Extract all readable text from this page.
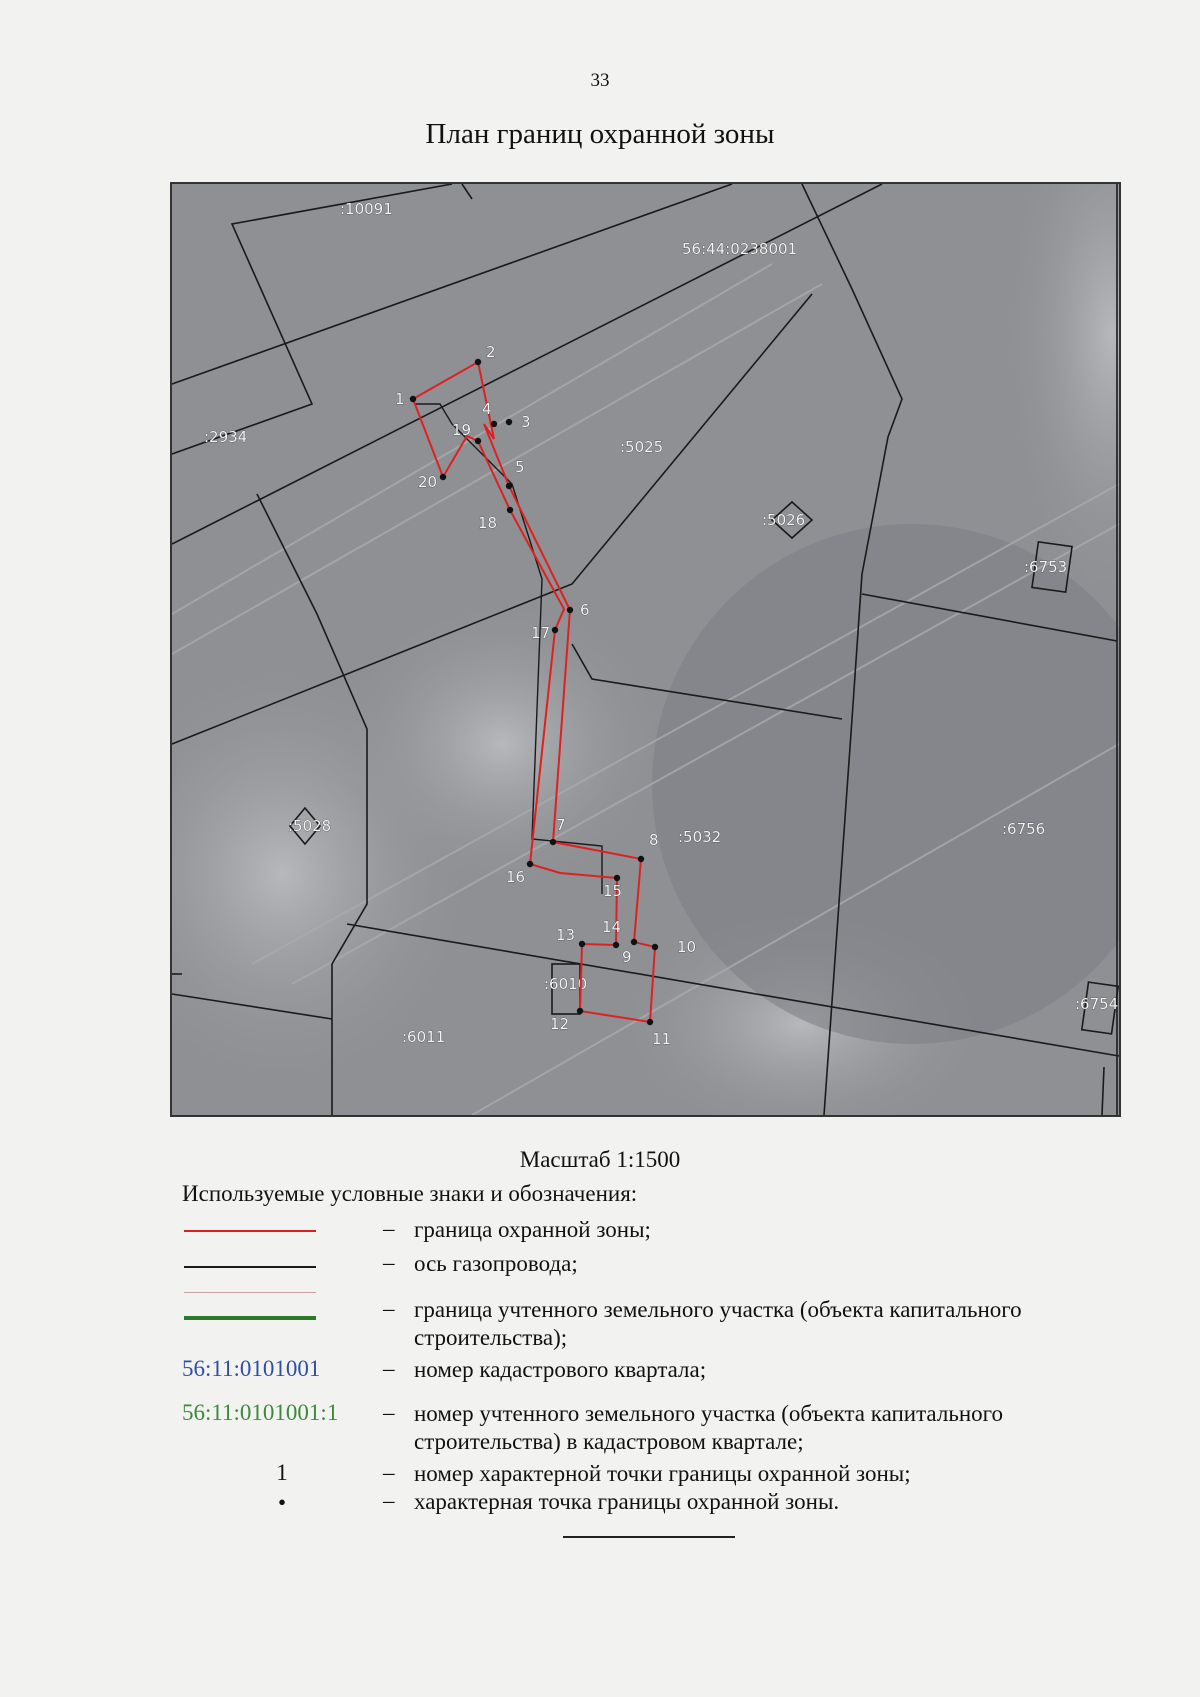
33
План границ охранной зоны
:10091
56:44:0238001
:2934
:5025
:5026
:6753
:5028
:5032	:6756
:6010
:6011
:6754
1
2
3
4
5
6
7
8
9
10
11
12
13 14
15
16
17
18
19
20
Масштаб 1:1500
Используемые условные знаки и обозначения:
– граница охранной зоны;
– ось газопровода;
– граница учтенного земельного участка (объекта капитального строительства);
56:11:0101001	– номер кадастрового квартала;
56:11:0101001:1 – номер учтенного земельного участка (объекта капитального строительства) в кадастровом квартале;
1	– номер характерной точки границы охранной зоны;
•	– характерная точка границы охранной зоны.
